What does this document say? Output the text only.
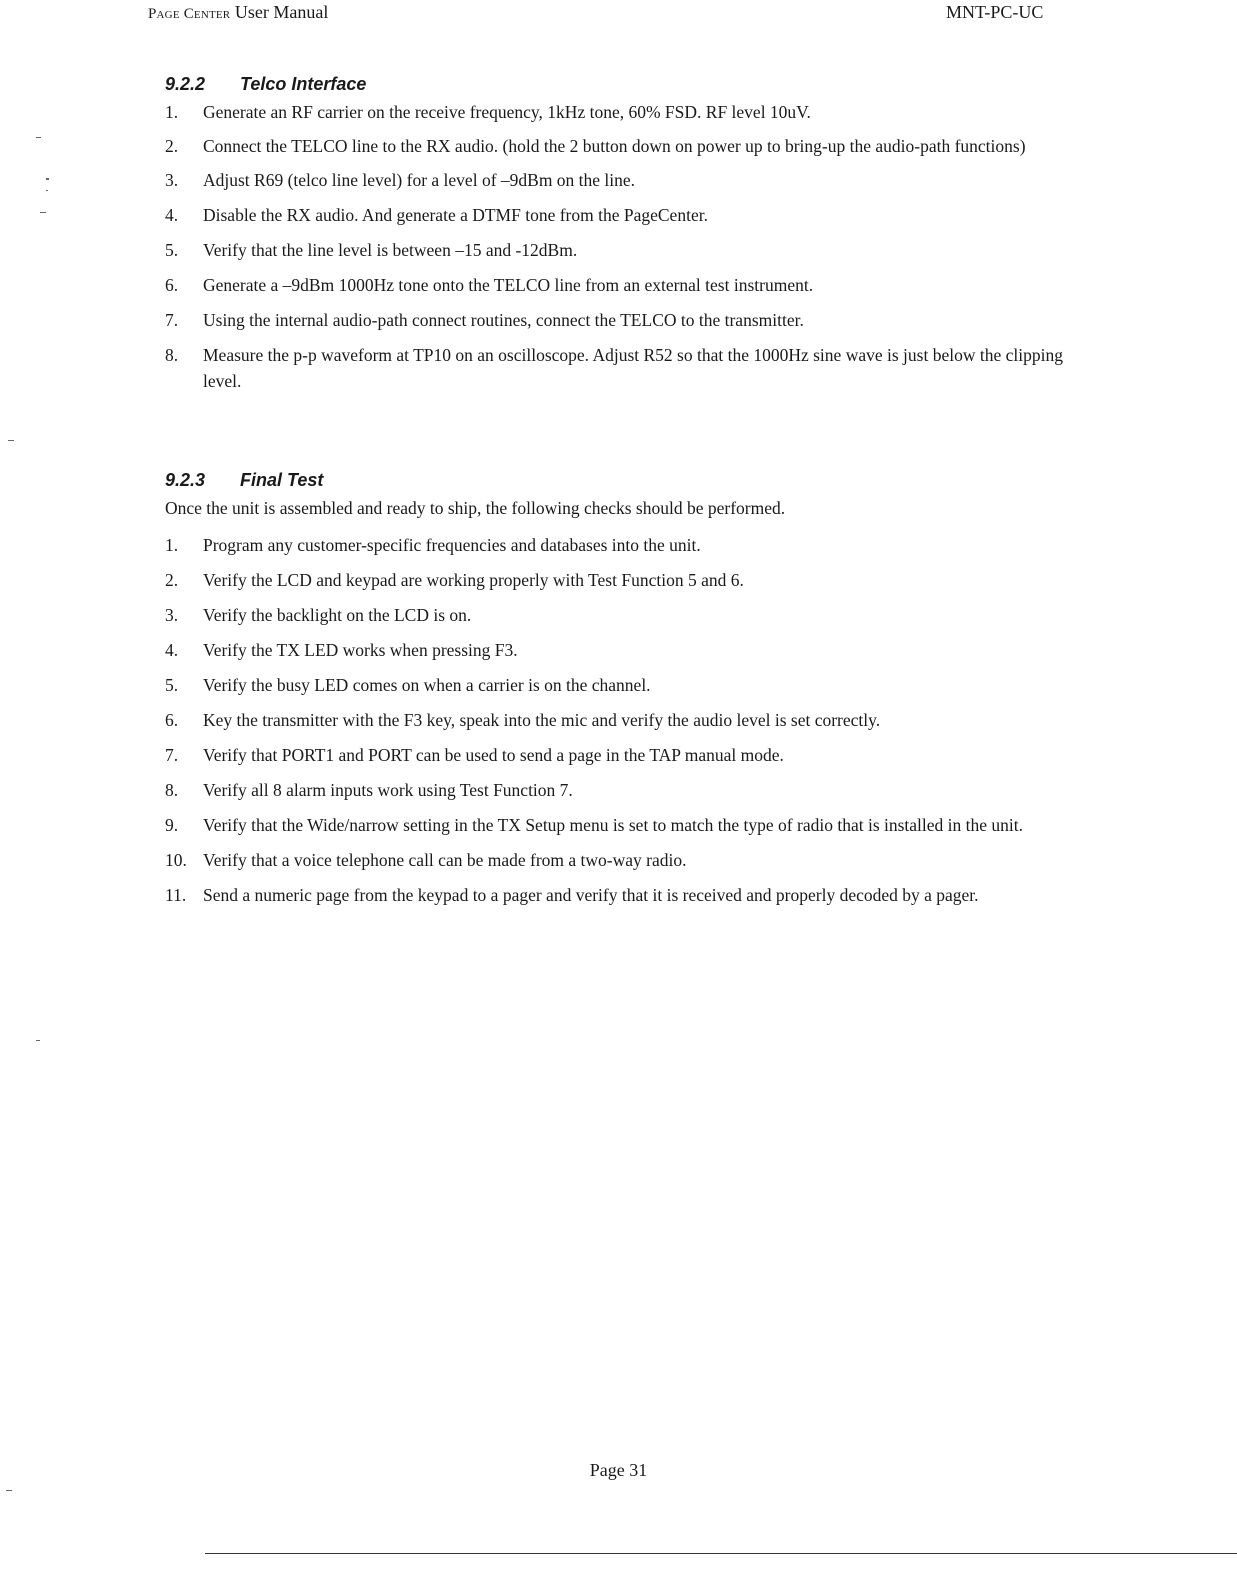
Page Center User Manual	MNT-PC-UC
9.2.2 Telco Interface
1. Generate an RF carrier on the receive frequency, 1kHz tone, 60% FSD. RF level 10uV.
2. Connect the TELCO line to the RX audio. (hold the 2 button down on power up to bring-up the audio-path functions)
3. Adjust R69 (telco line level) for a level of –9dBm on the line.
4. Disable the RX audio. And generate a DTMF tone from the PageCenter.
5. Verify that the line level is between –15 and -12dBm.
6. Generate a –9dBm 1000Hz tone onto the TELCO line from an external test instrument.
7. Using the internal audio-path connect routines, connect the TELCO to the transmitter.
8. Measure the p-p waveform at TP10 on an oscilloscope. Adjust R52 so that the 1000Hz sine wave is just below the clipping level.
9.2.3 Final Test
Once the unit is assembled and ready to ship, the following checks should be performed.
1. Program any customer-specific frequencies and databases into the unit.
2. Verify the LCD and keypad are working properly with Test Function 5 and 6.
3. Verify the backlight on the LCD is on.
4. Verify the TX LED works when pressing F3.
5. Verify the busy LED comes on when a carrier is on the channel.
6. Key the transmitter with the F3 key, speak into the mic and verify the audio level is set correctly.
7. Verify that PORT1 and PORT can be used to send a page in the TAP manual mode.
8. Verify all 8 alarm inputs work using Test Function 7.
9. Verify that the Wide/narrow setting in the TX Setup menu is set to match the type of radio that is installed in the unit.
10. Verify that a voice telephone call can be made from a two-way radio.
11. Send a numeric page from the keypad to a pager and verify that it is received and properly decoded by a pager.
Page 31
